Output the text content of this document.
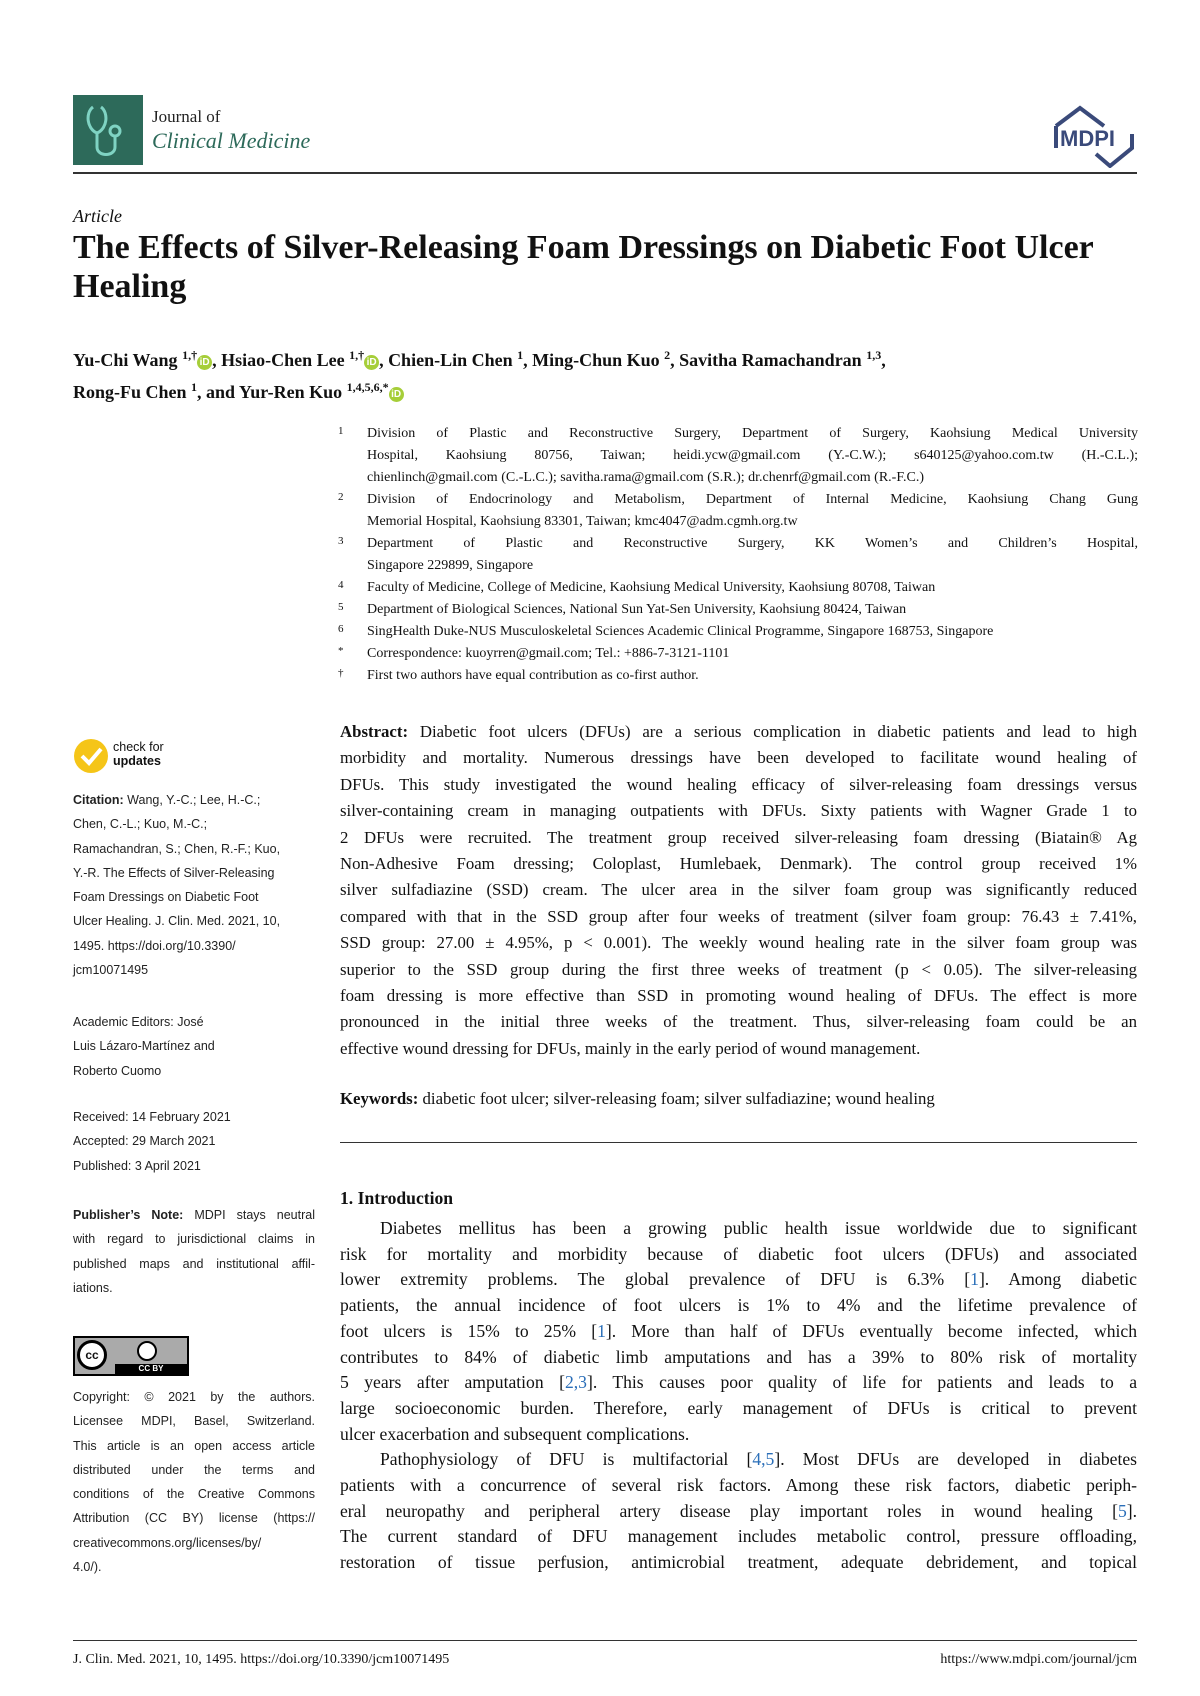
Journal of
Clinical Medicine	MDPI
Article
The Effects of Silver-Releasing Foam Dressings on Diabetic Foot Ulcer Healing
Yu-Chi Wang $^{1,\dagger}$iD , Hsiao-Chen Lee $^{1,\dagger}$iD , Chien-Lin Chen $^1$, Ming-Chun Kuo $^2$, Savitha Ramachandran $^{1,3}$,
Rong-Fu Chen $^1$, and Yur-Ren Kuo $^{1,4,5,6,*}$iD
1 Division of Plastic and Reconstructive Surgery, Department of Surgery, Kaohsiung Medical University
Hospital, Kaohsiung 80756, Taiwan; heidi.ycw@gmail.com (Y.-C.W.); s640125@yahoo.com.tw (H.-C.L.);
chienlinch@gmail.com (C.-L.C.); savitha.rama@gmail.com (S.R.); dr.chenrf@gmail.com (R.-F.C.)
2 Division of Endocrinology and Metabolism, Department of Internal Medicine, Kaohsiung Chang Gung
Memorial Hospital, Kaohsiung 83301, Taiwan; kmc4047@adm.cgmh.org.tw
3 Department of Plastic and Reconstructive Surgery, KK Women’s and Children’s Hospital,
Singapore 229899, Singapore
4 Faculty of Medicine, College of Medicine, Kaohsiung Medical University, Kaohsiung 80708, Taiwan
5 Department of Biological Sciences, National Sun Yat-Sen University, Kaohsiung 80424, Taiwan
6 SingHealth Duke-NUS Musculoskeletal Sciences Academic Clinical Programme, Singapore 168753, Singapore
* Correspondence: kuoyrren@gmail.com; Tel.: +886-7-3121-1101
† First two authors have equal contribution as co-first author.
check for
updates
Citation: Wang, Y.-C.; Lee, H.-C.;
Chen, C.-L.; Kuo, M.-C.;
Ramachandran, S.; Chen, R.-F.; Kuo,
Y.-R. The Effects of Silver-Releasing
Foam Dressings on Diabetic Foot
Ulcer Healing. J. Clin. Med. 2021, 10,
1495. https://doi.org/10.3390/
jcm10071495
Academic Editors: José
Luis Lázaro-Martínez and
Roberto Cuomo
Received: 14 February 2021
Accepted: 29 March 2021
Published: 3 April 2021
Publisher’s Note: MDPI stays neutral
with regard to jurisdictional claims in
published maps and institutional affil-
iations.
cc
CC BY
Copyright: © 2021 by the authors.
Licensee MDPI, Basel, Switzerland.
This article is an open access article
distributed under the terms and
conditions of the Creative Commons
Attribution (CC BY) license (https://
creativecommons.org/licenses/by/
4.0/).
Abstract: Diabetic foot ulcers (DFUs) are a serious complication in diabetic patients and lead to high
morbidity and mortality. Numerous dressings have been developed to facilitate wound healing of
DFUs. This study investigated the wound healing efficacy of silver-releasing foam dressings versus
silver-containing cream in managing outpatients with DFUs. Sixty patients with Wagner Grade 1 to
2 DFUs were recruited. The treatment group received silver-releasing foam dressing (Biatain® Ag
Non-Adhesive Foam dressing; Coloplast, Humlebaek, Denmark). The control group received 1%
silver sulfadiazine (SSD) cream. The ulcer area in the silver foam group was significantly reduced
compared with that in the SSD group after four weeks of treatment (silver foam group: 76.43 ± 7.41%,
SSD group: 27.00 ± 4.95%, p < 0.001). The weekly wound healing rate in the silver foam group was
superior to the SSD group during the first three weeks of treatment (p < 0.05). The silver-releasing
foam dressing is more effective than SSD in promoting wound healing of DFUs. The effect is more
pronounced in the initial three weeks of the treatment. Thus, silver-releasing foam could be an
effective wound dressing for DFUs, mainly in the early period of wound management.
Keywords: diabetic foot ulcer; silver-releasing foam; silver sulfadiazine; wound healing
1. Introduction
Diabetes mellitus has been a growing public health issue worldwide due to significant
risk for mortality and morbidity because of diabetic foot ulcers (DFUs) and associated
lower extremity problems. The global prevalence of DFU is 6.3% [1]. Among diabetic
patients, the annual incidence of foot ulcers is 1% to 4% and the lifetime prevalence of
foot ulcers is 15% to 25% [1]. More than half of DFUs eventually become infected, which
contributes to 84% of diabetic limb amputations and has a 39% to 80% risk of mortality
5 years after amputation [2,3]. This causes poor quality of life for patients and leads to a
large socioeconomic burden. Therefore, early management of DFUs is critical to prevent
ulcer exacerbation and subsequent complications.
Pathophysiology of DFU is multifactorial [4,5]. Most DFUs are developed in diabetes
patients with a concurrence of several risk factors. Among these risk factors, diabetic periph-
eral neuropathy and peripheral artery disease play important roles in wound healing [5].
The current standard of DFU management includes metabolic control, pressure offloading,
restoration of tissue perfusion, antimicrobial treatment, adequate debridement, and topical
J. Clin. Med. 2021, 10, 1495. https://doi.org/10.3390/jcm10071495	https://www.mdpi.com/journal/jcm
